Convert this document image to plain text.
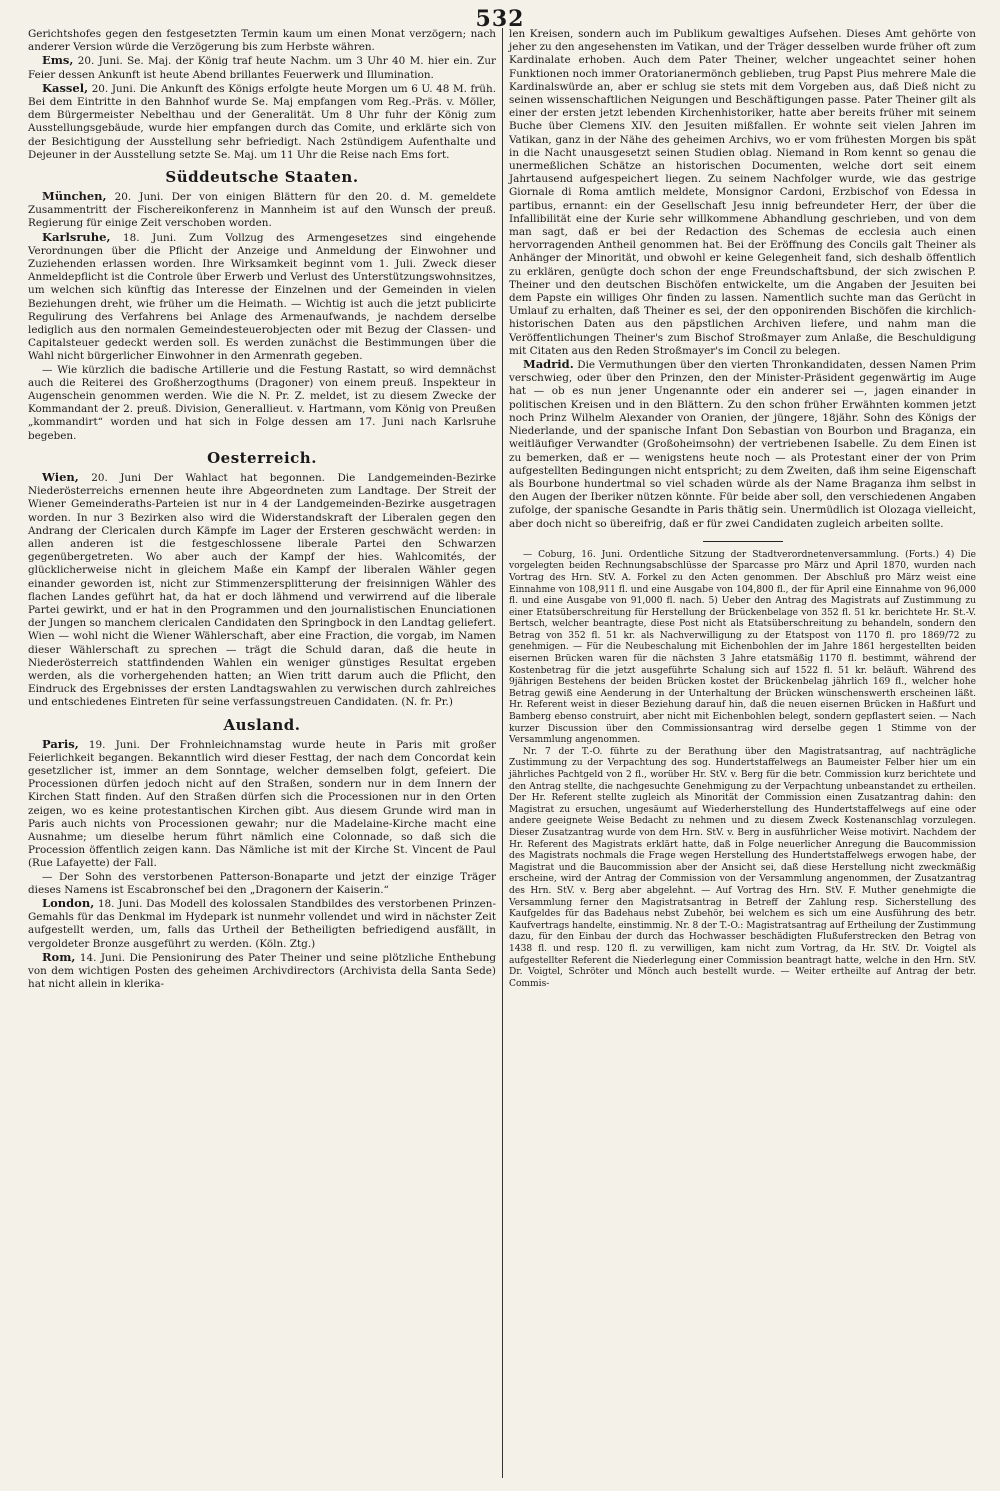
532

Gerichtshofes gegen den festgesetzten Termin kaum um einen Monat verzögern; nach anderer Version würde die Verzögerung bis zum Herbste währen.

Ems, 20. Juni. Se. Maj. der König traf heute Nachm. um 3 Uhr 40 M. hier ein. Zur Feier dessen Ankunft ist heute Abend brillantes Feuerwerk und Illumination.

Kassel, 20. Juni. Die Ankunft des Königs erfolgte heute Morgen um 6 U. 48 M. früh. Bei dem Eintritte in den Bahnhof wurde Se. Maj empfangen vom Reg.-Präs. v. Möller, dem Bürgermeister Nebelthau und der Generalität. Um 8 Uhr fuhr der König zum Ausstellungsgebäude, wurde hier empfangen durch das Comite, und erklärte sich von der Besichtigung der Ausstellung sehr befriedigt. Nach 2stündigem Aufenthalte und Dejeuner in der Ausstellung setzte Se. Maj. um 11 Uhr die Reise nach Ems fort.

Süddeutsche Staaten.

München, 20. Juni. Der von einigen Blättern für den 20. d. M. gemeldete Zusammentritt der Fischereikonferenz in Mannheim ist auf den Wunsch der preuß. Regierung für einige Zeit verschoben worden.

Karlsruhe, 18. Juni. Zum Vollzug des Armengesetzes sind eingehende Verordnungen über die Pflicht der Anzeige und Anmeldung der Einwohner und Zuziehenden erlassen worden. Ihre Wirksamkeit beginnt vom 1. Juli. Zweck dieser Anmeldepflicht ist die Controle über Erwerb und Verlust des Unterstützungswohnsitzes, um welchen sich künftig das Interesse der Einzelnen und der Gemeinden in vielen Beziehungen dreht, wie früher um die Heimath. — Wichtig ist auch die jetzt publicirte Regulirung des Verfahrens bei Anlage des Armenaufwands, je nachdem derselbe lediglich aus den normalen Gemeindesteuerobjecten oder mit Bezug der Classen- und Capitalsteuer gedeckt werden soll. Es werden zunächst die Bestimmungen über die Wahl nicht bürgerlicher Einwohner in den Armenrath gegeben.

— Wie kürzlich die badische Artillerie und die Festung Rastatt, so wird demnächst auch die Reiterei des Großherzogthums (Dragoner) von einem preuß. Inspekteur in Augenschein genommen werden. Wie die N. Pr. Z. meldet, ist zu diesem Zwecke der Kommandant der 2. preuß. Division, Generallieut. v. Hartmann, vom König von Preußen „kommandirt“ worden und hat sich in Folge dessen am 17. Juni nach Karlsruhe begeben.

Oesterreich.

Wien, 20. Juni Der Wahlact hat begonnen. Die Landgemeinden-Bezirke Niederösterreichs ernennen heute ihre Abgeordneten zum Landtage. Der Streit der Wiener Gemeinderaths-Parteien ist nur in 4 der Landgemeinden-Bezirke ausgetragen worden. In nur 3 Bezirken also wird die Widerstandskraft der Liberalen gegen den Andrang der Clericalen durch Kämpfe im Lager der Ersteren geschwächt werden: in allen anderen ist die festgeschlossene liberale Partei den Schwarzen gegenübergetreten. Wo aber auch der Kampf der hies. Wahlcomités, der glücklicherweise nicht in gleichem Maße ein Kampf der liberalen Wähler gegen einander geworden ist, nicht zur Stimmenzersplitterung der freisinnigen Wähler des flachen Landes geführt hat, da hat er doch lähmend und verwirrend auf die liberale Partei gewirkt, und er hat in den Programmen und den journalistischen Enunciationen der Jungen so manchem clericalen Candidaten den Springbock in den Landtag geliefert. Wien — wohl nicht die Wiener Wählerschaft, aber eine Fraction, die vorgab, im Namen dieser Wählerschaft zu sprechen — trägt die Schuld daran, daß die heute in Niederösterreich stattfindenden Wahlen ein weniger günstiges Resultat ergeben werden, als die vorhergehenden hatten; an Wien tritt darum auch die Pflicht, den Eindruck des Ergebnisses der ersten Landtagswahlen zu verwischen durch zahlreiches und entschiedenes Eintreten für seine verfassungstreuen Candidaten. (N. fr. Pr.)

Ausland.

Paris, 19. Juni. Der Frohnleichnamstag wurde heute in Paris mit großer Feierlichkeit begangen. Bekanntlich wird dieser Festtag, der nach dem Concordat kein gesetzlicher ist, immer an dem Sonntage, welcher demselben folgt, gefeiert. Die Processionen dürfen jedoch nicht auf den Straßen, sondern nur in dem Innern der Kirchen Statt finden. Auf den Straßen dürfen sich die Processionen nur in den Orten zeigen, wo es keine protestantischen Kirchen gibt. Aus diesem Grunde wird man in Paris auch nichts von Processionen gewahr; nur die Madelaine-Kirche macht eine Ausnahme; um dieselbe herum führt nämlich eine Colonnade, so daß sich die Procession öffentlich zeigen kann. Das Nämliche ist mit der Kirche St. Vincent de Paul (Rue Lafayette) der Fall.

— Der Sohn des verstorbenen Patterson-Bonaparte und jetzt der einzige Träger dieses Namens ist Escabronschef bei den „Dragonern der Kaiserin.“

London, 18. Juni. Das Modell des kolossalen Standbildes des verstorbenen Prinzen-Gemahls für das Denkmal im Hydepark ist nunmehr vollendet und wird in nächster Zeit aufgestellt werden, um, falls das Urtheil der Betheiligten befriedigend ausfällt, in vergoldeter Bronze ausgeführt zu werden. (Köln. Ztg.)

Rom, 14. Juni. Die Pensionirung des Pater Theiner und seine plötzliche Enthebung von dem wichtigen Posten des geheimen Archivdirectors (Archivista della Santa Sede) hat nicht allein in klerika-

len Kreisen, sondern auch im Publikum gewaltiges Aufsehen. Dieses Amt gehörte von jeher zu den angesehensten im Vatikan, und der Träger desselben wurde früher oft zum Kardinalate erhoben. Auch dem Pater Theiner, welcher ungeachtet seiner hohen Funktionen noch immer Oratorianermönch geblieben, trug Papst Pius mehrere Male die Kardinalswürde an, aber er schlug sie stets mit dem Vorgeben aus, daß Dieß nicht zu seinen wissenschaftlichen Neigungen und Beschäftigungen passe. Pater Theiner gilt als einer der ersten jetzt lebenden Kirchenhistoriker, hatte aber bereits früher mit seinem Buche über Clemens XIV. den Jesuiten mißfallen. Er wohnte seit vielen Jahren im Vatikan, ganz in der Nähe des geheimen Archivs, wo er vom frühesten Morgen bis spät in die Nacht unausgesetzt seinen Studien oblag. Niemand in Rom kennt so genau die unermeßlichen Schätze an historischen Documenten, welche dort seit einem Jahrtausend aufgespeichert liegen. Zu seinem Nachfolger wurde, wie das gestrige Giornale di Roma amtlich meldete, Monsignor Cardoni, Erzbischof von Edessa in partibus, ernannt: ein der Gesellschaft Jesu innig befreundeter Herr, der über die Infallibilität eine der Kurie sehr willkommene Abhandlung geschrieben, und von dem man sagt, daß er bei der Redaction des Schemas de ecclesia auch einen hervorragenden Antheil genommen hat. Bei der Eröffnung des Concils galt Theiner als Anhänger der Minorität, und obwohl er keine Gelegenheit fand, sich deshalb öffentlich zu erklären, genügte doch schon der enge Freundschaftsbund, der sich zwischen P. Theiner und den deutschen Bischöfen entwickelte, um die Angaben der Jesuiten bei dem Papste ein williges Ohr finden zu lassen. Namentlich suchte man das Gerücht in Umlauf zu erhalten, daß Theiner es sei, der den opponirenden Bischöfen die kirchlich-historischen Daten aus den päpstlichen Archiven liefere, und nahm man die Veröffentlichungen Theiner's zum Bischof Stroßmayer zum Anlaße, die Beschuldigung mit Citaten aus den Reden Stroßmayer's im Concil zu belegen.

Madrid. Die Vermuthungen über den vierten Thronkandidaten, dessen Namen Prim verschwieg, oder über den Prinzen, den der Minister-Präsident gegenwärtig im Auge hat — ob es nun jener Ungenannte oder ein anderer sei —, jagen einander in politischen Kreisen und in den Blättern. Zu den schon früher Erwähnten kommen jetzt noch Prinz Wilhelm Alexander von Oranien, der jüngere, 18jähr. Sohn des Königs der Niederlande, und der spanische Infant Don Sebastian von Bourbon und Braganza, ein weitläufiger Verwandter (Großoheimsohn) der vertriebenen Isabelle. Zu dem Einen ist zu bemerken, daß er — wenigstens heute noch — als Protestant einer der von Prim aufgestellten Bedingungen nicht entspricht; zu dem Zweiten, daß ihm seine Eigenschaft als Bourbone hundertmal so viel schaden würde als der Name Braganza ihm selbst in den Augen der Iberiker nützen könnte. Für beide aber soll, den verschiedenen Angaben zufolge, der spanische Gesandte in Paris thätig sein. Unermüdlich ist Olozaga vielleicht, aber doch nicht so übereifrig, daß er für zwei Candidaten zugleich arbeiten sollte.

— Coburg, 16. Juni. Ordentliche Sitzung der Stadtverordnetenversammlung. (Forts.) 4) Die vorgelegten beiden Rechnungsabschlüsse der Sparcasse pro März und April 1870, wurden nach Vortrag des Hrn. StV. A. Forkel zu den Acten genommen. Der Abschluß pro März weist eine Einnahme von 108,911 fl. und eine Ausgabe von 104,800 fl., der für April eine Einnahme von 96,000 fl. und eine Ausgabe von 91,000 fl. nach. 5) Ueber den Antrag des Magistrats auf Zustimmung zu einer Etatsüberschreitung für Herstellung der Brückenbelage von 352 fl. 51 kr. berichtete Hr. St.-V. Bertsch, welcher beantragte, diese Post nicht als Etatsüberschreitung zu behandeln, sondern den Betrag von 352 fl. 51 kr. als Nachverwilligung zu der Etatspost von 1170 fl. pro 1869/72 zu genehmigen. — Für die Neubeschalung mit Eichenbohlen der im Jahre 1861 hergestellten beiden eisernen Brücken waren für die nächsten 3 Jahre etatsmäßig 1170 fl. bestimmt, während der Kostenbetrag für die jetzt ausgeführte Schalung sich auf 1522 fl. 51 kr. beläuft. Während des 9jährigen Bestehens der beiden Brücken kostet der Brückenbelag jährlich 169 fl., welcher hohe Betrag gewiß eine Aenderung in der Unterhaltung der Brücken wünschenswerth erscheinen läßt. Hr. Referent weist in dieser Beziehung darauf hin, daß die neuen eisernen Brücken in Haßfurt und Bamberg ebenso construirt, aber nicht mit Eichenbohlen belegt, sondern gepflastert seien. — Nach kurzer Discussion über den Commissionsantrag wird derselbe gegen 1 Stimme von der Versammlung angenommen.

Nr. 7 der T.-O. führte zu der Berathung über den Magistratsantrag, auf nachträgliche Zustimmung zu der Verpachtung des sog. Hundertstaffelwegs an Baumeister Felber hier um ein jährliches Pachtgeld von 2 fl., worüber Hr. StV. v. Berg für die betr. Commission kurz berichtete und den Antrag stellte, die nachgesuchte Genehmigung zu der Verpachtung unbeanstandet zu ertheilen. Der Hr. Referent stellte zugleich als Minorität der Commission einen Zusatzantrag dahin: den Magistrat zu ersuchen, ungesäumt auf Wiederherstellung des Hundertstaffelwegs auf eine oder andere geeignete Weise Bedacht zu nehmen und zu diesem Zweck Kostenanschlag vorzulegen. Dieser Zusatzantrag wurde von dem Hrn. StV. v. Berg in ausführlicher Weise motivirt. Nachdem der Hr. Referent des Magistrats erklärt hatte, daß in Folge neuerlicher Anregung die Baucommission des Magistrats nochmals die Frage wegen Herstellung des Hundertstaffelwegs erwogen habe, der Magistrat und die Baucommission aber der Ansicht sei, daß diese Herstellung nicht zweckmäßig erscheine, wird der Antrag der Commission von der Versammlung angenommen, der Zusatzantrag des Hrn. StV. v. Berg aber abgelehnt. — Auf Vortrag des Hrn. StV. F. Muther genehmigte die Versammlung ferner den Magistratsantrag in Betreff der Zahlung resp. Sicherstellung des Kaufgeldes für das Badehaus nebst Zubehör, bei welchem es sich um eine Ausführung des betr. Kaufvertrags handelte, einstimmig. Nr. 8 der T.-O.: Magistratsantrag auf Ertheilung der Zustimmung dazu, für den Einbau der durch das Hochwasser beschädigten Flußuferstrecken den Betrag von 1438 fl. und resp. 120 fl. zu verwilligen, kam nicht zum Vortrag, da Hr. StV. Dr. Voigtel als aufgestellter Referent die Niederlegung einer Commission beantragt hatte, welche in den Hrn. StV. Dr. Voigtel, Schröter und Mönch auch bestellt wurde. — Weiter ertheilte auf Antrag der betr. Commis-
